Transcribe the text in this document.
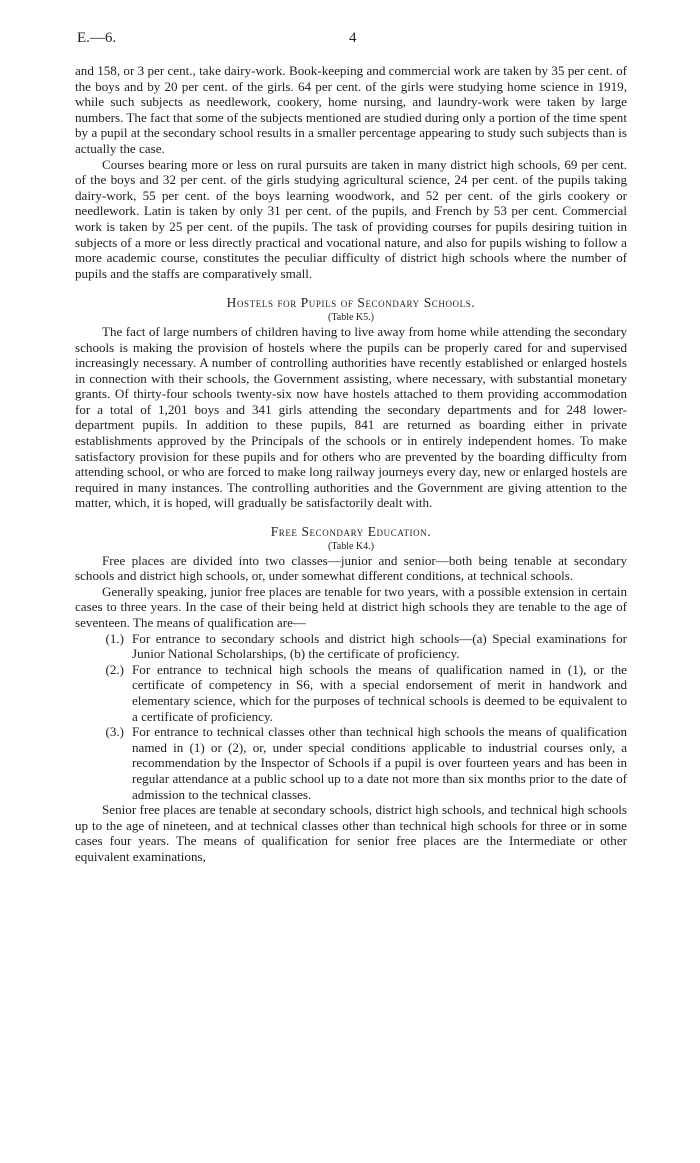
E.—6.	4

and 158, or 3 per cent., take dairy-work. Book-keeping and commercial work are taken by 35 per cent. of the boys and by 20 per cent. of the girls. 64 per cent. of the girls were studying home science in 1919, while such subjects as needlework, cookery, home nursing, and laundry-work were taken by large numbers. The fact that some of the subjects mentioned are studied during only a portion of the time spent by a pupil at the secondary school results in a smaller percentage appearing to study such subjects than is actually the case.

Courses bearing more or less on rural pursuits are taken in many district high schools, 69 per cent. of the boys and 32 per cent. of the girls studying agricultural science, 24 per cent. of the pupils taking dairy-work, 55 per cent. of the boys learning woodwork, and 52 per cent. of the girls cookery or needlework. Latin is taken by only 31 per cent. of the pupils, and French by 53 per cent. Commercial work is taken by 25 per cent. of the pupils. The task of providing courses for pupils desiring tuition in subjects of a more or less directly practical and vocational nature, and also for pupils wishing to follow a more academic course, constitutes the peculiar difficulty of district high schools where the number of pupils and the staffs are comparatively small.

Hostels for Pupils of Secondary Schools.

(Table K5.)

The fact of large numbers of children having to live away from home while attending the secondary schools is making the provision of hostels where the pupils can be properly cared for and supervised increasingly necessary. A number of controlling authorities have recently established or enlarged hostels in connection with their schools, the Government assisting, where necessary, with substantial monetary grants. Of thirty-four schools twenty-six now have hostels attached to them providing accommodation for a total of 1,201 boys and 341 girls attending the secondary departments and for 248 lower-department pupils. In addition to these pupils, 841 are returned as boarding either in private establishments approved by the Principals of the schools or in entirely independent homes. To make satisfactory provision for these pupils and for others who are prevented by the boarding difficulty from attending school, or who are forced to make long railway journeys every day, new or enlarged hostels are required in many instances. The controlling authorities and the Government are giving attention to the matter, which, it is hoped, will gradually be satisfactorily dealt with.

Free Secondary Education.

(Table K4.)

Free places are divided into two classes—junior and senior—both being tenable at secondary schools and district high schools, or, under somewhat different conditions, at technical schools.

Generally speaking, junior free places are tenable for two years, with a possible extension in certain cases to three years. In the case of their being held at district high schools they are tenable to the age of seventeen. The means of qualification are—

(1.) For entrance to secondary schools and district high schools—(a) Special examinations for Junior National Scholarships, (b) the certificate of proficiency.
(2.) For entrance to technical high schools the means of qualification named in (1), or the certificate of competency in S6, with a special endorsement of merit in handwork and elementary science, which for the purposes of technical schools is deemed to be equivalent to a certificate of proficiency.
(3.) For entrance to technical classes other than technical high schools the means of qualification named in (1) or (2), or, under special conditions applicable to industrial courses only, a recommendation by the Inspector of Schools if a pupil is over fourteen years and has been in regular attendance at a public school up to a date not more than six months prior to the date of admission to the technical classes.

Senior free places are tenable at secondary schools, district high schools, and technical high schools up to the age of nineteen, and at technical classes other than technical high schools for three or in some cases four years. The means of qualification for senior free places are the Intermediate or other equivalent examinations,
